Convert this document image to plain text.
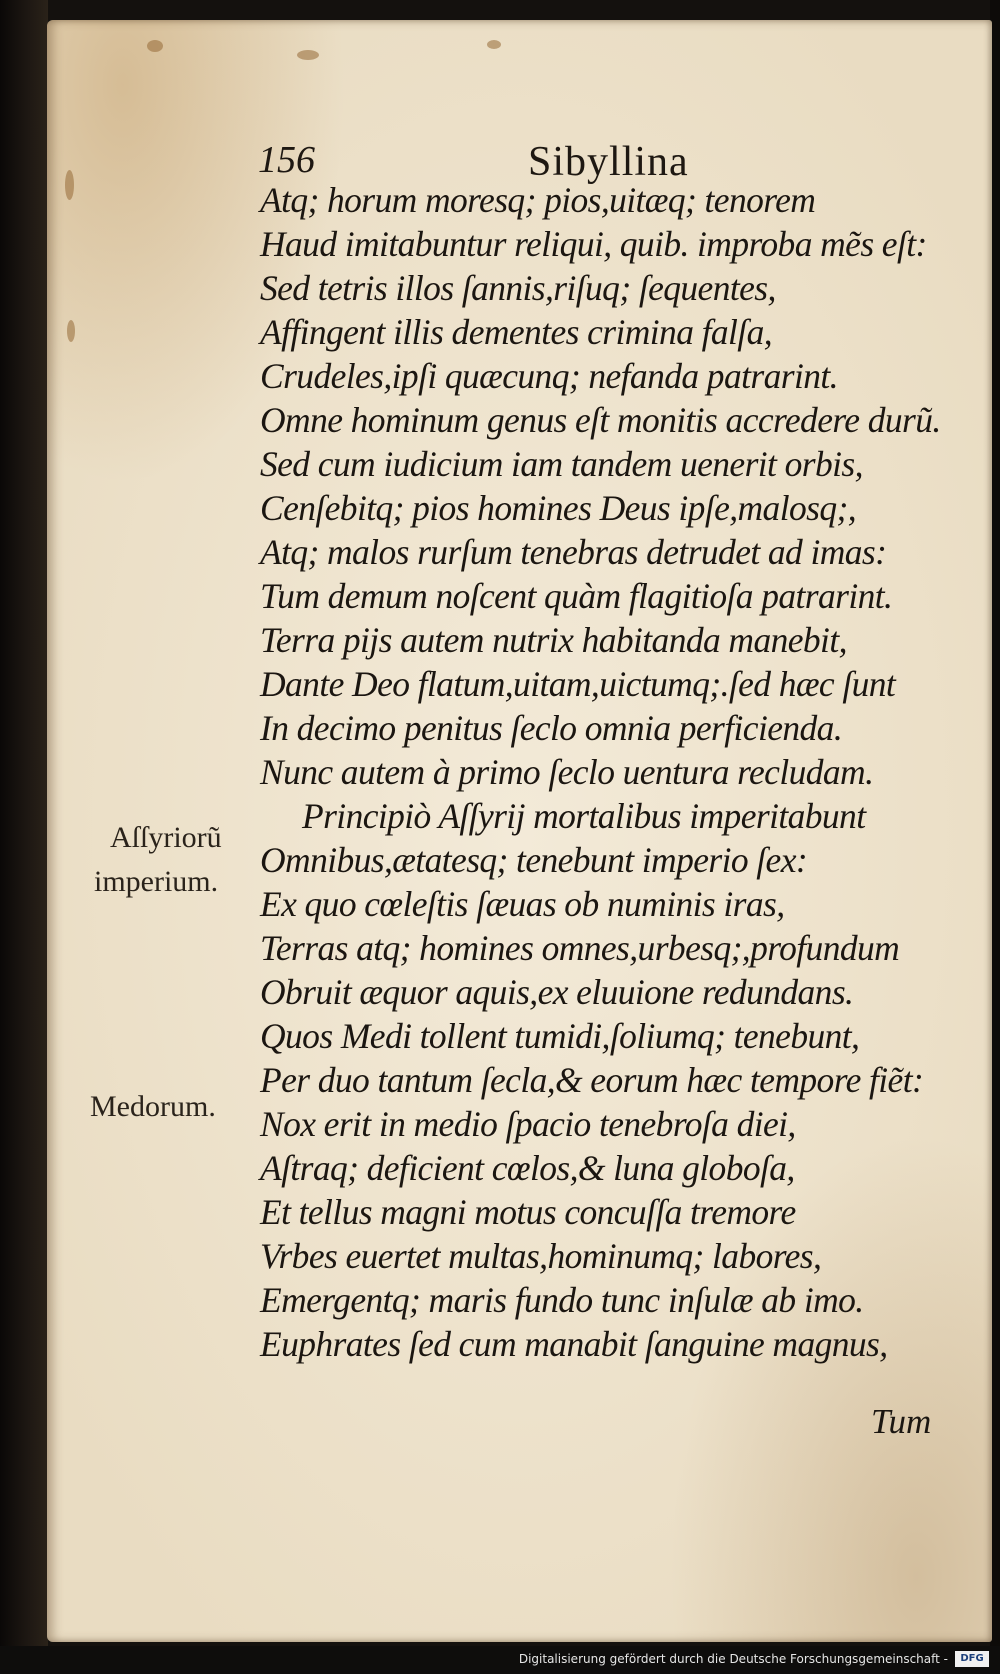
156	Sibyllina
Atq; horum moresq; pios,uitæq; tenorem
Haud imitabuntur reliqui, quib. improba mẽs eſt:
Sed tetris illos ſannis,riſuq; ſequentes,
Affingent illis dementes crimina falſa,
Crudeles,ipſi quæcunq; nefanda patrarint.
Omne hominum genus eſt monitis accredere durũ.
Sed cum iudicium iam tandem uenerit orbis,
Cenſebitq; pios homines Deus ipſe,malosq;,
Atq; malos rurſum tenebras detrudet ad imas:
Tum demum noſcent quàm flagitioſa patrarint.
Terra pijs autem nutrix habitanda manebit,
Dante Deo flatum,uitam,uictumq;.ſed hæc ſunt
In decimo penitus ſeclo omnia perficienda.
Nunc autem à primo ſeclo uentura recludam.
Principiò Aſſyrij mortalibus imperitabunt
Omnibus,ætatesq; tenebunt imperio ſex:
Ex quo cœleſtis ſæuas ob numinis iras,
Terras atq; homines omnes,urbesq;,profundum
Obruit æquor aquis,ex eluuione redundans.
Quos Medi tollent tumidi,ſoliumq; tenebunt,
Per duo tantum ſecla,& eorum hæc tempore fiẽt:
Nox erit in medio ſpacio tenebroſa diei,
Aſtraq; deficient cœlos,& luna globoſa,
Et tellus magni motus concuſſa tremore
Vrbes euertet multas,hominumq; labores,
Emergentq; maris fundo tunc inſulæ ab imo.
Euphrates ſed cum manabit ſanguine magnus,
Aſſyriorũ
imperium.
Medorum.
Tum
Digitalisierung gefördert durch die Deutsche Forschungsgemeinschaft -	DFG
